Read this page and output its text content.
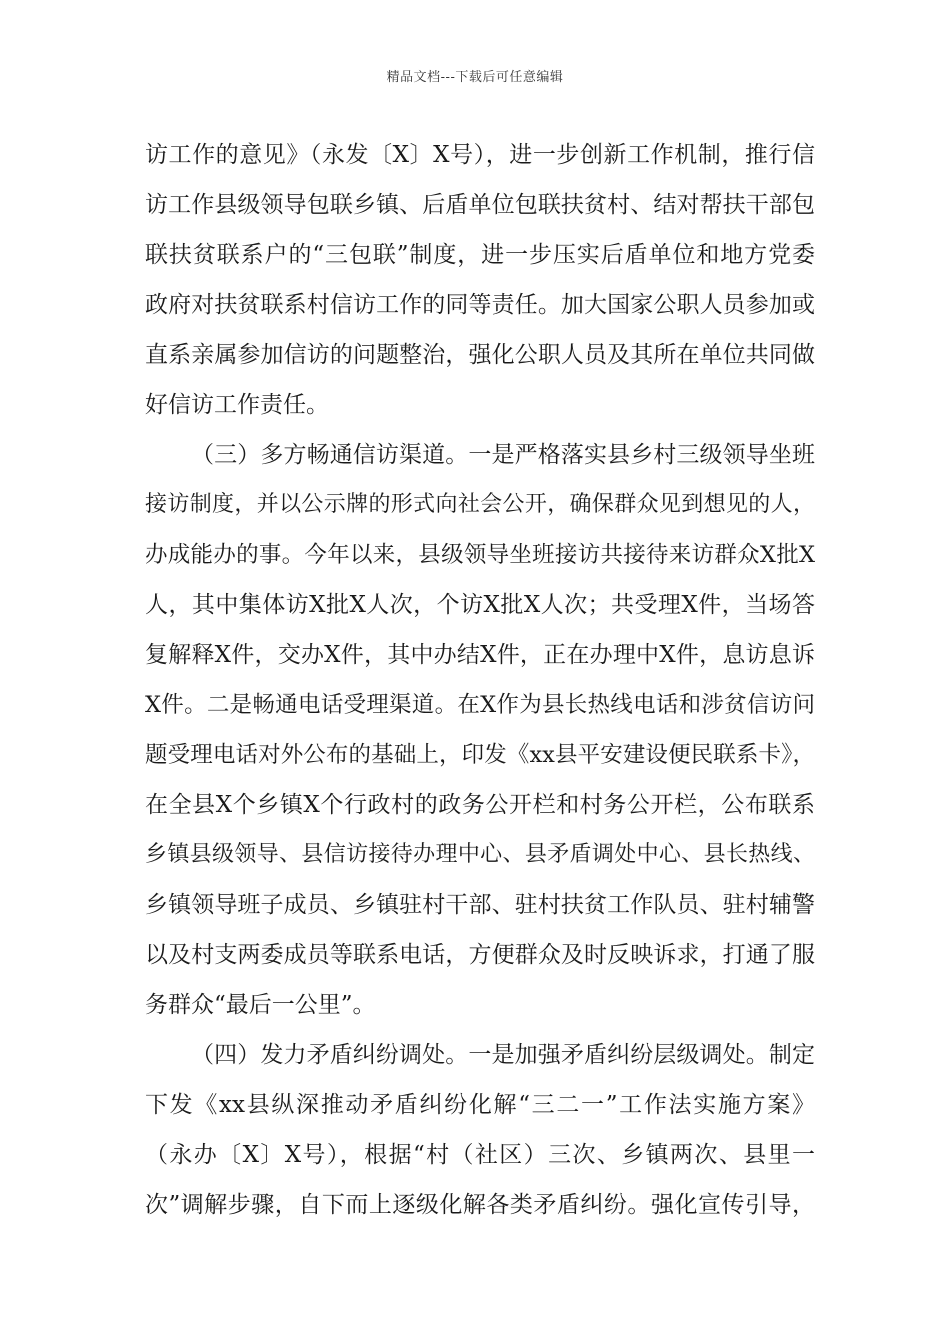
精品文档---下载后可任意编辑
访工作的意见》（永发〔X〕X号），进一步创新工作机制，推行信
访工作县级领导包联乡镇、后盾单位包联扶贫村、结对帮扶干部包
联扶贫联系户的“三包联”制度，进一步压实后盾单位和地方党委
政府对扶贫联系村信访工作的同等责任。加大国家公职人员参加或
直系亲属参加信访的问题整治，强化公职人员及其所在单位共同做
好信访工作责任。
（三）多方畅通信访渠道。一是严格落实县乡村三级领导坐班
接访制度，并以公示牌的形式向社会公开，确保群众见到想见的人，
办成能办的事。今年以来，县级领导坐班接访共接待来访群众X批X
人，其中集体访X批X人次，个访X批X人次；共受理X件，当场答
复解释X件，交办X件，其中办结X件，正在办理中X件，息访息诉
X件。二是畅通电话受理渠道。在X作为县长热线电话和涉贫信访问
题受理电话对外公布的基础上，印发《xx县平安建设便民联系卡》，
在全县X个乡镇X个行政村的政务公开栏和村务公开栏，公布联系
乡镇县级领导、县信访接待办理中心、县矛盾调处中心、县长热线、
乡镇领导班子成员、乡镇驻村干部、驻村扶贫工作队员、驻村辅警
以及村支两委成员等联系电话，方便群众及时反映诉求，打通了服
务群众“最后一公里”。
（四）发力矛盾纠纷调处。一是加强矛盾纠纷层级调处。制定
下发《xx县纵深推动矛盾纠纷化解“三二一”工作法实施方案》
（永办〔X〕X号），根据“村（社区）三次、乡镇两次、县里一
次”调解步骤，自下而上逐级化解各类矛盾纠纷。强化宣传引导，
